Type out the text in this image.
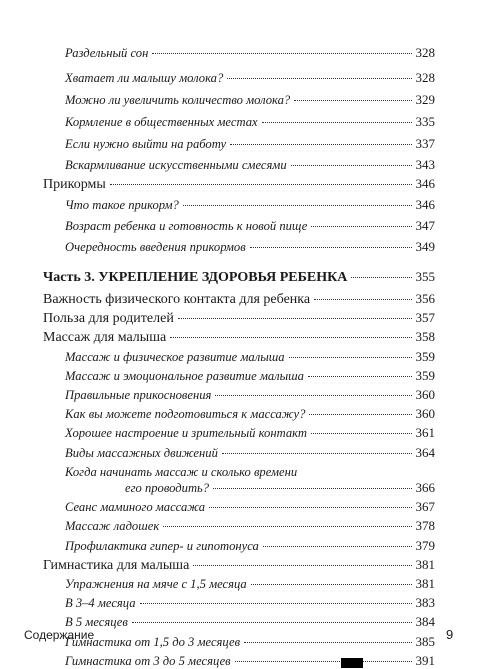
Раздельный сон	328
Хватает ли малышу молока?	328
Можно ли увеличить количество молока?	329
Кормление в общественных местах	335
Если нужно выйти на работу	337
Вскармливание искусственными смесями	343
Прикормы	346
Что такое прикорм?	346
Возраст ребенка и готовность к новой пище	347
Очередность введения прикормов	349
Часть 3. УКРЕПЛЕНИЕ ЗДОРОВЬЯ РЕБЕНКА	355
Важность физического контакта для ребенка	356
Польза для родителей	357
Массаж для малыша	358
Массаж и физическое развитие малыша	359
Массаж и эмоциональное развитие малыша	359
Правильные прикосновения	360
Как вы можете подготовиться к массажу?	360
Хорошее настроение и зрительный контакт	361
Виды массажных движений	364
Когда начинать массаж и сколько времени
его проводить?	366
Сеанс маминого массажа	367
Массаж ладошек	378
Профилактика гипер- и гипотонуса	379
Гимнастика для малыша	381
Упражнения на мяче с 1,5 месяца	381
В 3–4 месяца	383
В 5 месяцев	384
Гимнастика от 1,5 до 3 месяцев	385
Гимнастика от 3 до 5 месяцев	391
Содержание	9
